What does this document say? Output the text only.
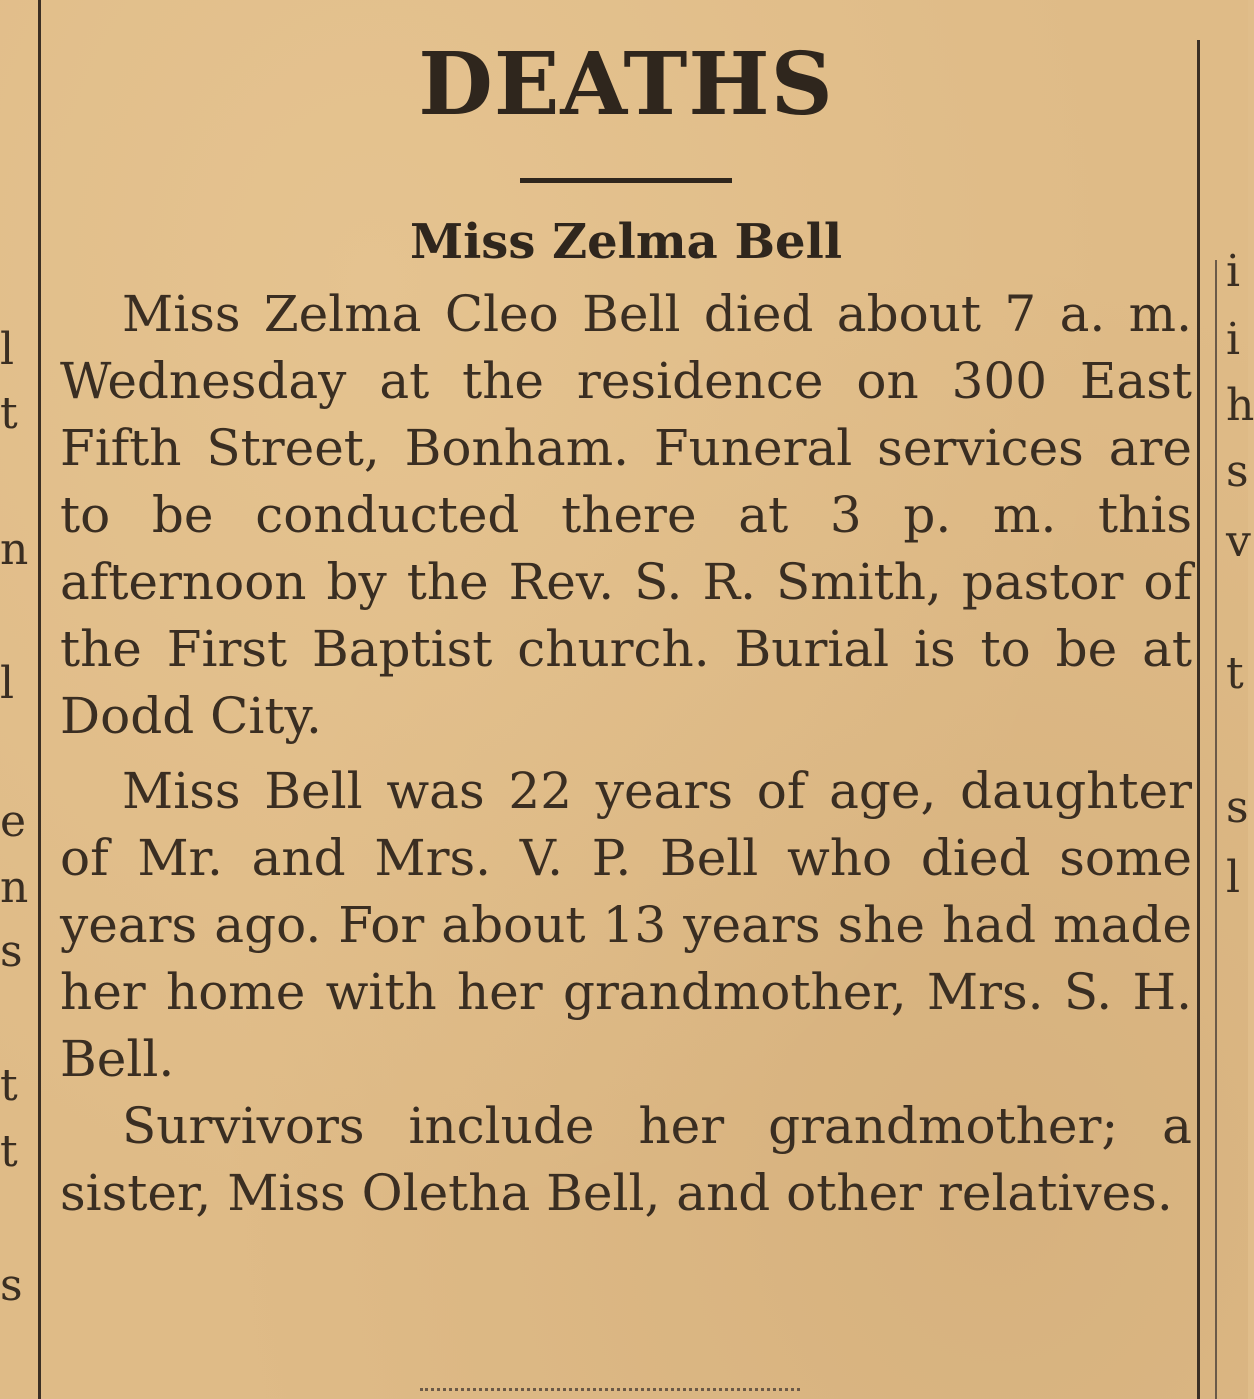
l
t
n
l
e
n
s
t
t
s
i
i
h
s
v
t
s
l
DEATHS
Miss Zelma Bell

Miss Zelma Cleo Bell died about 7 a. m. Wednesday at the residence on 300 East Fifth Street, Bonham. Funeral services are to be conducted there at 3 p. m. this afternoon by the Rev. S. R. Smith, pastor of the First Baptist church. Burial is to be at Dodd City.

Miss Bell was 22 years of age, daughter of Mr. and Mrs. V. P. Bell who died some years ago. For about 13 years she had made her home with her grandmother, Mrs. S. H. Bell.

Survivors include her grandmother; a sister, Miss Oletha Bell, and other relatives.
